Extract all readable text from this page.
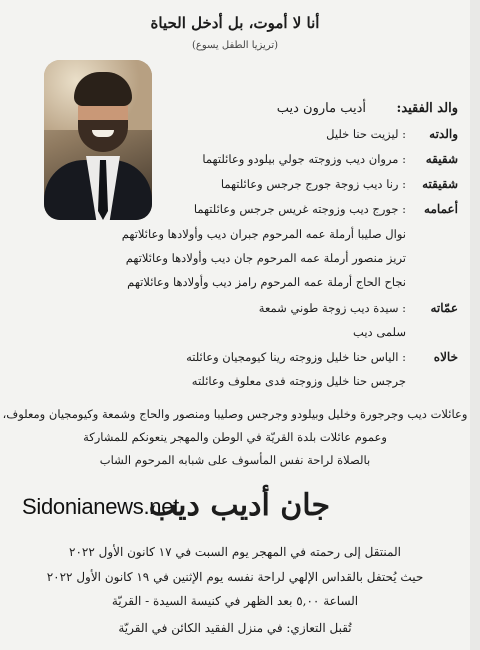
أنا لا أموت، بل أدخل الحياة
(تريزيا الطفل يسوع)
والد الفقيد:
أديب مارون ديب
والدته
: ليزيت حنا خليل
شقيقه
: مروان ديب وزوجته جولي بيلودو وعائلتهما
شقيقته
: رنا ديب زوجة جورج جرجس وعائلتهما
أعمامه
: جورج ديب وزوجته غريس جرجس وعائلتهما
نوال صليبا أرملة عمه المرحوم جبران ديب وأولادها وعائلاتهم
تريز منصور أرملة عمه المرحوم جان ديب وأولادها وعائلاتهم
نجاح الحاج أرملة عمه المرحوم رامز ديب وأولادها وعائلاتهم
عمّاته
: سيدة ديب زوجة طوني شمعة
سلمى ديب
خالاه
: الياس حنا خليل وزوجته رينا كيومجيان وعائلته
جرجس حنا خليل وزوجته فدى معلوف وعائلته
وعائلات ديب وجرجورة وخليل وبيلودو وجرجس وصليبا ومنصور والحاج وشمعة وكيومجيان ومعلوف،
وعموم عائلات بلدة القريّة في الوطن والمهجر ينعونكم للمشاركة
بالصلاة لراحة نفس المأسوف على شبابه المرحوم الشاب
Sidonianews.net
جان أديب ديب
المنتقل إلى رحمته في المهجر يوم السبت في ١٧ كانون الأول ٢٠٢٢
حيث يُحتفل بالقداس الإلهي لراحة نفسه يوم الإثنين في ١٩ كانون الأول ٢٠٢٢
الساعة ٥,٠٠ بعد الظهر في كنيسة السيدة - القريّة
تُقبل التعازي: في منزل الفقيد الكائن في القريّة
